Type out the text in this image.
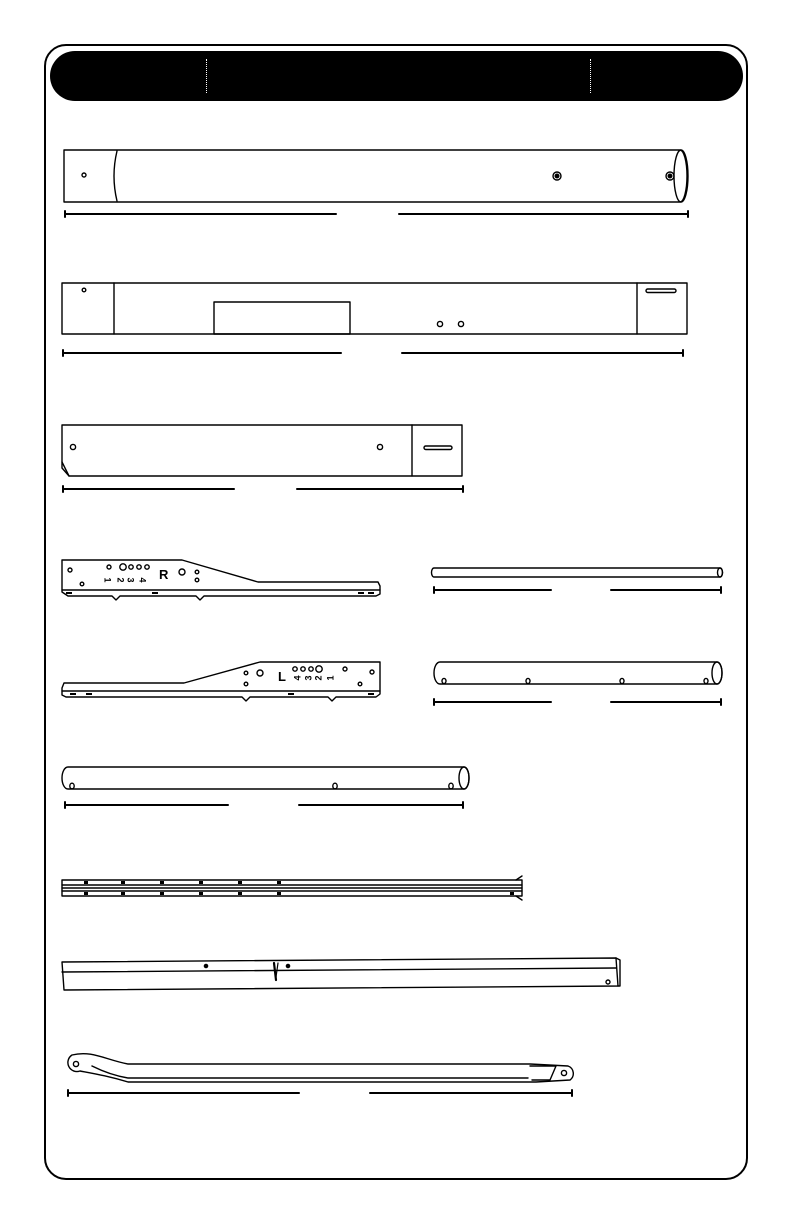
R
1 2 3 4
L 4 3 2 1
